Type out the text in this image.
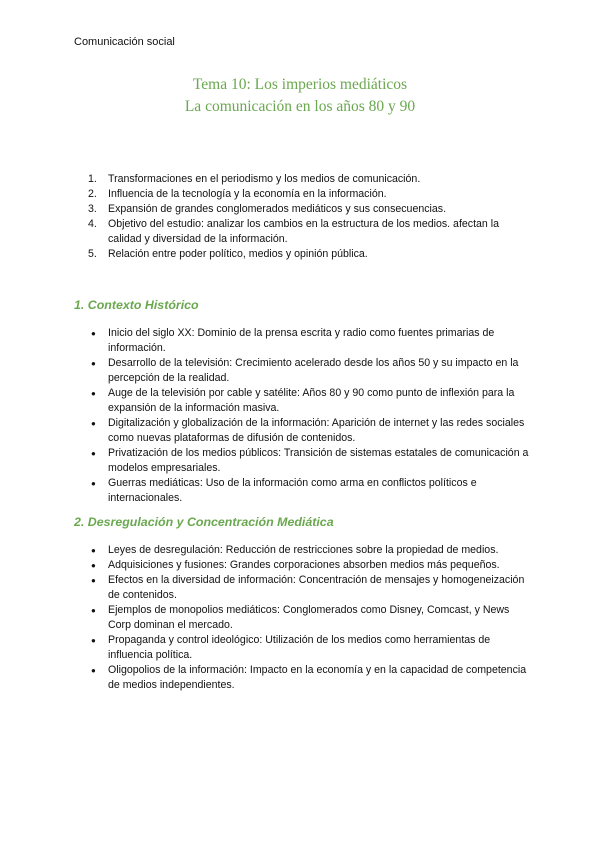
Comunicación social
Tema 10: Los imperios mediáticos
La comunicación en los años 80 y 90
1. Transformaciones en el periodismo y los medios de comunicación.
2. Influencia de la tecnología y la economía en la información.
3. Expansión de grandes conglomerados mediáticos y sus consecuencias.
4. Objetivo del estudio: analizar los cambios en la estructura de los medios. afectan la calidad y diversidad de la información.
5. Relación entre poder político, medios y opinión pública.
1. Contexto Histórico
● Inicio del siglo XX: Dominio de la prensa escrita y radio como fuentes primarias de información.
● Desarrollo de la televisión: Crecimiento acelerado desde los años 50 y su impacto en la percepción de la realidad.
● Auge de la televisión por cable y satélite: Años 80 y 90 como punto de inflexión para la expansión de la información masiva.
● Digitalización y globalización de la información: Aparición de internet y las redes sociales como nuevas plataformas de difusión de contenidos.
● Privatización de los medios públicos: Transición de sistemas estatales de comunicación a modelos empresariales.
● Guerras mediáticas: Uso de la información como arma en conflictos políticos e internacionales.
2. Desregulación y Concentración Mediática
● Leyes de desregulación: Reducción de restricciones sobre la propiedad de medios.
● Adquisiciones y fusiones: Grandes corporaciones absorben medios más pequeños.
● Efectos en la diversidad de información: Concentración de mensajes y homogeneización de contenidos.
● Ejemplos de monopolios mediáticos: Conglomerados como Disney, Comcast, y News Corp dominan el mercado.
● Propaganda y control ideológico: Utilización de los medios como herramientas de influencia política.
● Oligopolios de la información: Impacto en la economía y en la capacidad de competencia de medios independientes.
